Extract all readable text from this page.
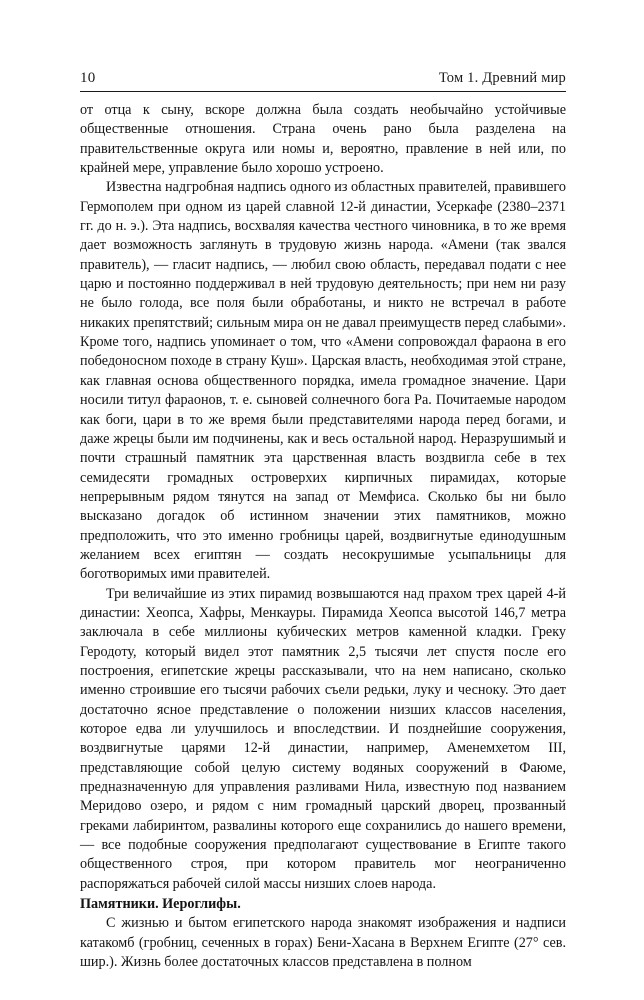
10	Том 1. Древний мир

от отца к сыну, вскоре должна была создать необычайно устойчивые общественные отношения. Страна очень рано была разделена на правительственные округа или номы и, вероятно, правление в ней или, по крайней мере, управление было хорошо устроено.

Известна надгробная надпись одного из областных правителей, правившего Гермополем при одном из царей славной 12-й династии, Усеркафе (2380–2371 гг. до н. э.). Эта надпись, восхваляя качества честного чиновника, в то же время дает возможность заглянуть в трудовую жизнь народа. «Амени (так звался правитель), — гласит надпись, — любил свою область, передавал подати с нее царю и постоянно поддерживал в ней трудовую деятельность; при нем ни разу не было голода, все поля были обработаны, и никто не встречал в работе никаких препятствий; сильным мира он не давал преимуществ перед слабыми». Кроме того, надпись упоминает о том, что «Амени сопровождал фараона в его победоносном походе в страну Куш». Царская власть, необходимая этой стране, как главная основа общественного порядка, имела громадное значение. Цари носили титул фараонов, т. е. сыновей солнечного бога Ра. Почитаемые народом как боги, цари в то же время были представителями народа перед богами, и даже жрецы были им подчинены, как и весь остальной народ. Неразрушимый и почти страшный памятник эта царственная власть воздвигла себе в тех семидесяти громадных островерхих кирпичных пирамидах, которые непрерывным рядом тянутся на запад от Мемфиса. Сколько бы ни было высказано догадок об истинном значении этих памятников, можно предположить, что это именно гробницы царей, воздвигнутые единодушным желанием всех египтян — создать несокрушимые усыпальницы для боготворимых ими правителей.

Три величайшие из этих пирамид возвышаются над прахом трех царей 4-й династии: Хеопса, Хафры, Менкауры. Пирамида Хеопса высотой 146,7 метра заключала в себе миллионы кубических метров каменной кладки. Греку Геродоту, который видел этот памятник 2,5 тысячи лет спустя после его построения, египетские жрецы рассказывали, что на нем написано, сколько именно строившие его тысячи рабочих съели редьки, луку и чесноку. Это дает достаточно ясное представление о положении низших классов населения, которое едва ли улучшилось и впоследствии. И позднейшие сооружения, воздвигнутые царями 12-й династии, например, Аменемхетом III, представляющие собой целую систему водяных сооружений в Фаюме, предназначенную для управления разливами Нила, известную под названием Меридово озеро, и рядом с ним громадный царский дворец, прозванный греками лабиринтом, развалины которого еще сохранились до нашего времени, — все подобные сооружения предполагают существование в Египте такого общественного строя, при котором правитель мог неограниченно распоряжаться рабочей силой массы низших слоев народа.

Памятники. Иероглифы.

С жизнью и бытом египетского народа знакомят изображения и надписи катакомб (гробниц, сеченных в горах) Бени-Хасана в Верхнем Египте (27° сев. шир.). Жизнь более достаточных классов представлена в полном
